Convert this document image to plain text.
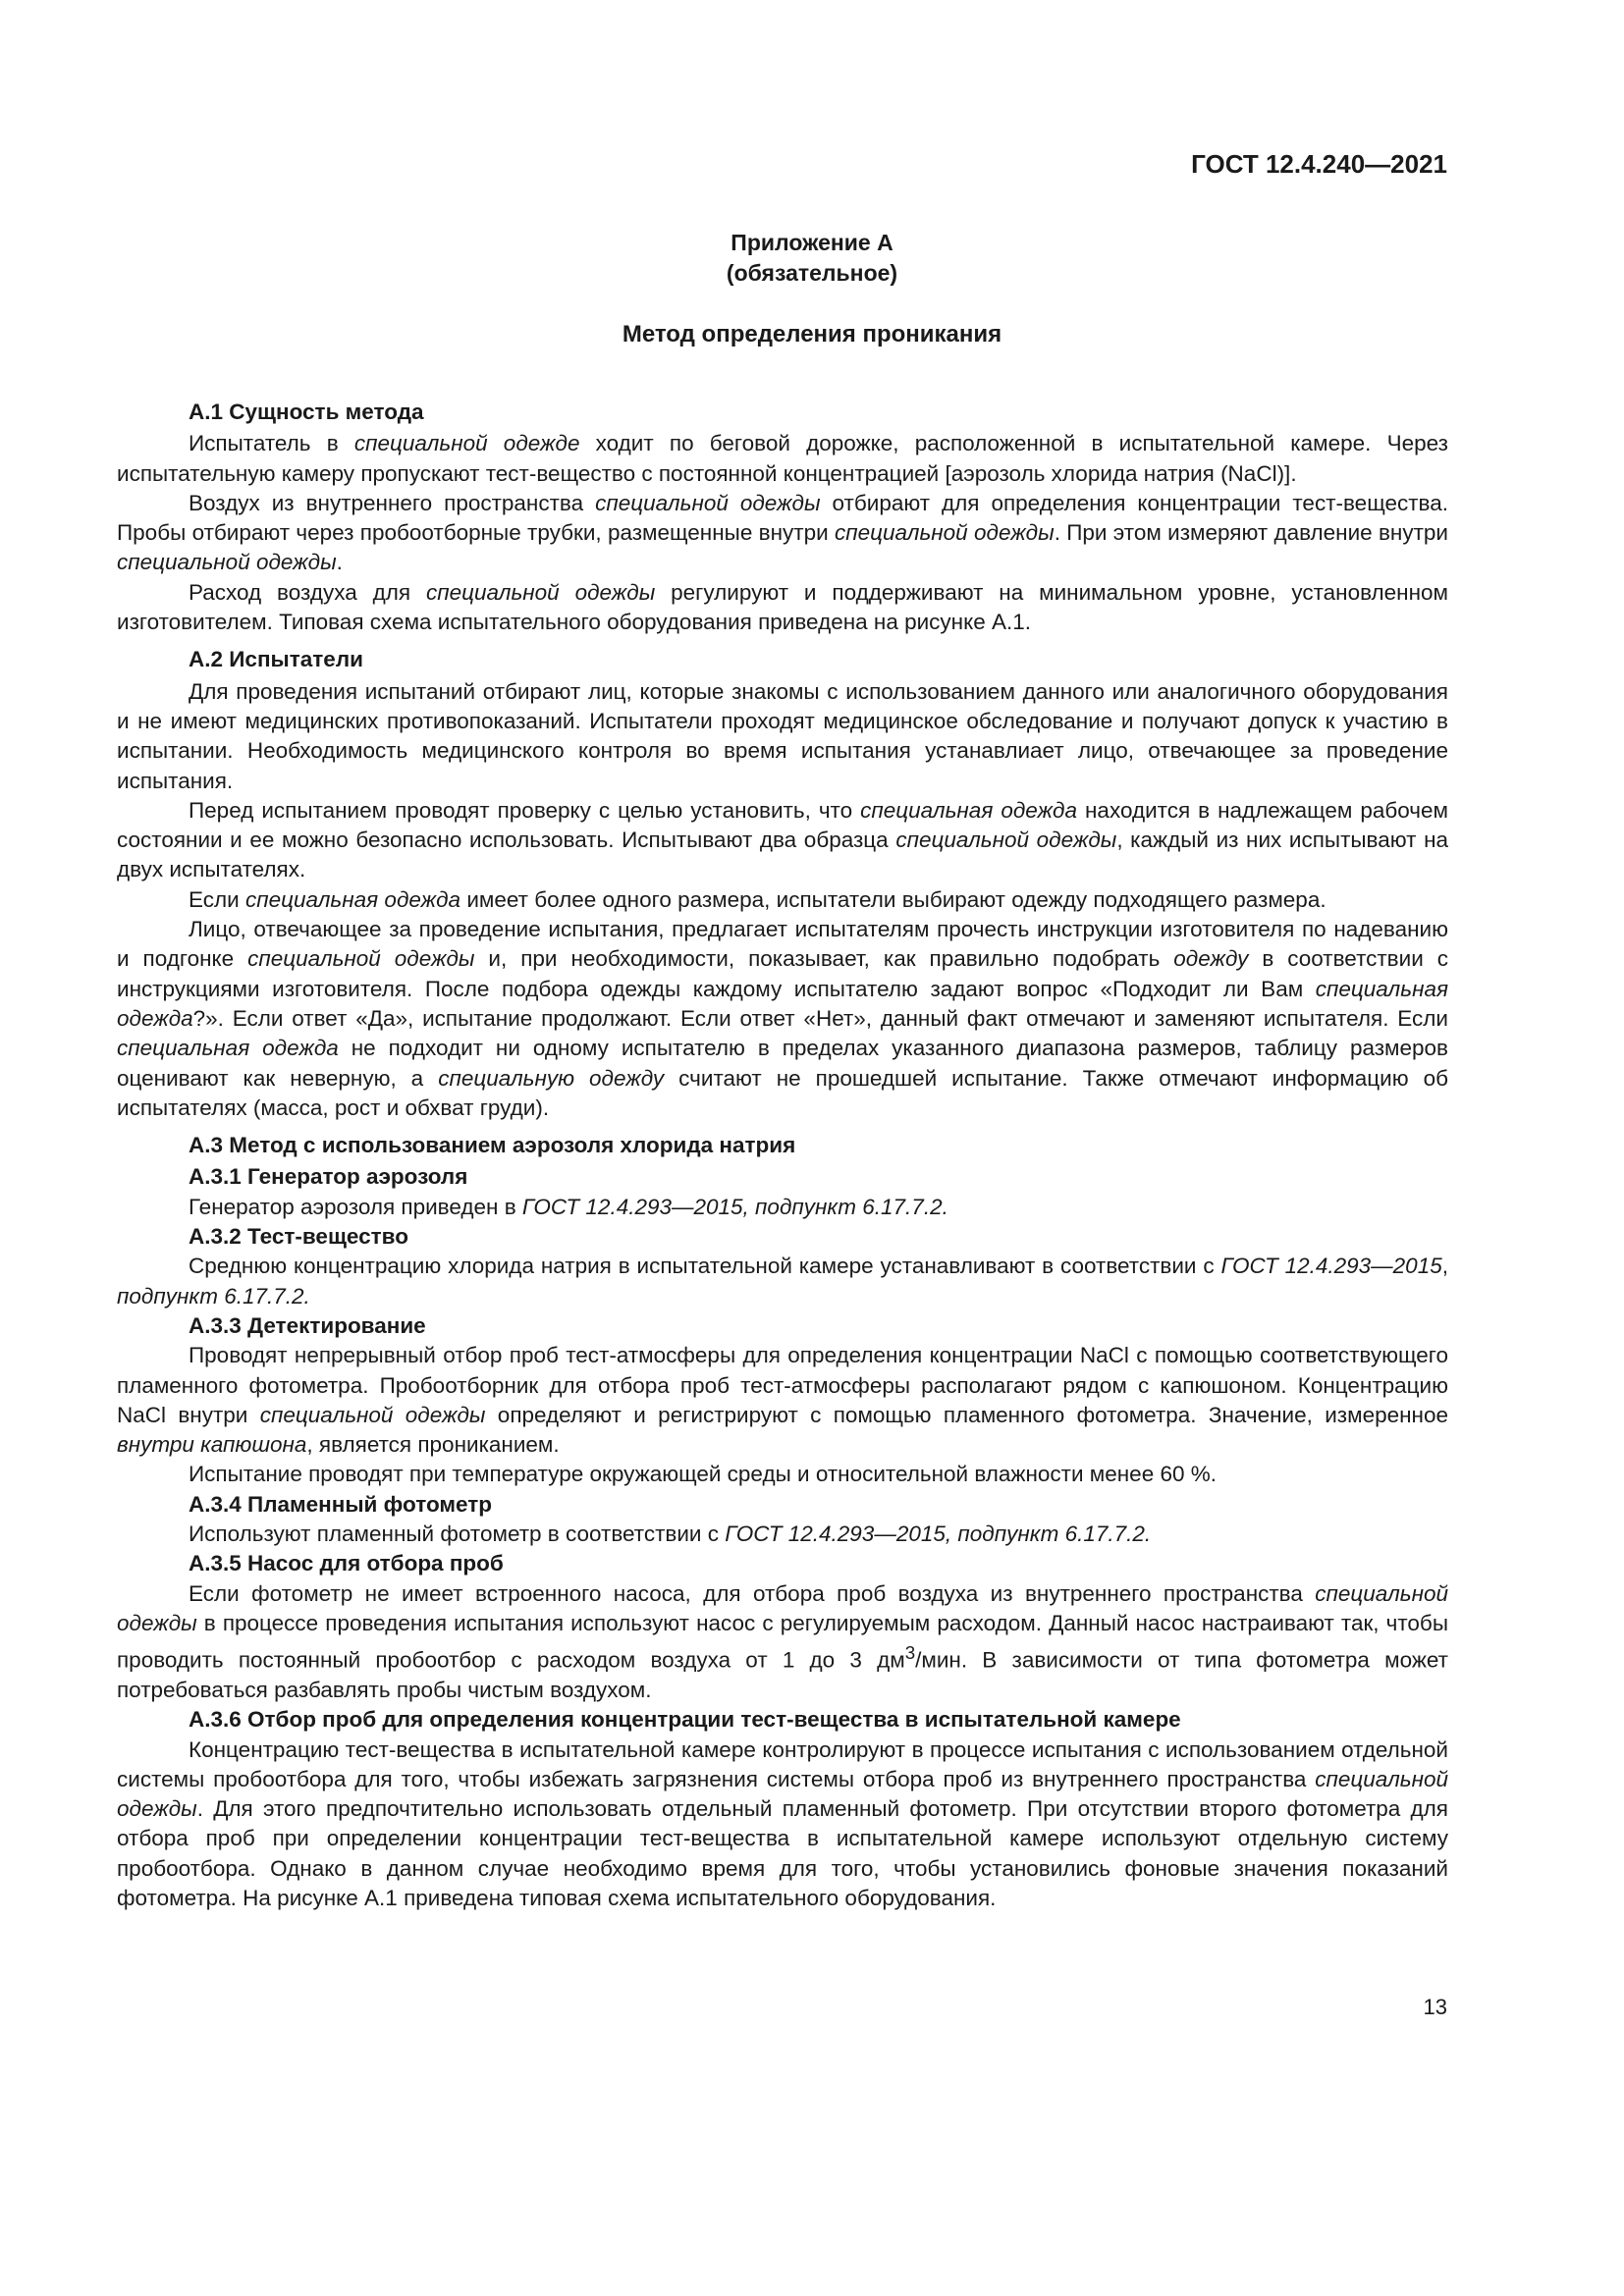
ГОСТ 12.4.240—2021
Приложение А
(обязательное)
Метод определения проникания
А.1 Сущность метода

Испытатель в специальной одежде ходит по беговой дорожке, расположенной в испытательной камере. Через испытательную камеру пропускают тест-вещество с постоянной концентрацией [аэрозоль хлорида натрия (NaCl)].

Воздух из внутреннего пространства специальной одежды отбирают для определения концентрации тест-вещества. Пробы отбирают через пробоотборные трубки, размещенные внутри специальной одежды. При этом измеряют давление внутри специальной одежды.

Расход воздуха для специальной одежды регулируют и поддерживают на минимальном уровне, установленном изготовителем. Типовая схема испытательного оборудования приведена на рисунке А.1.

А.2 Испытатели

Для проведения испытаний отбирают лиц, которые знакомы с использованием данного или аналогичного оборудования и не имеют медицинских противопоказаний. Испытатели проходят медицинское обследование и получают допуск к участию в испытании. Необходимость медицинского контроля во время испытания устанавлиает лицо, отвечающее за проведение испытания.

Перед испытанием проводят проверку с целью установить, что специальная одежда находится в надлежащем рабочем состоянии и ее можно безопасно использовать. Испытывают два образца специальной одежды, каждый из них испытывают на двух испытателях.

Если специальная одежда имеет более одного размера, испытатели выбирают одежду подходящего размера.

Лицо, отвечающее за проведение испытания, предлагает испытателям прочесть инструкции изготовителя по надеванию и подгонке специальной одежды и, при необходимости, показывает, как правильно подобрать одежду в соответствии с инструкциями изготовителя. После подбора одежды каждому испытателю задают вопрос «Подходит ли Вам специальная одежда?». Если ответ «Да», испытание продолжают. Если ответ «Нет», данный факт отмечают и заменяют испытателя. Если специальная одежда не подходит ни одному испытателю в пределах указанного диапазона размеров, таблицу размеров оценивают как неверную, а специальную одежду считают не прошедшей испытание. Также отмечают информацию об испытателях (масса, рост и обхват груди).

А.3 Метод с использованием аэрозоля хлорида натрия
А.3.1 Генератор аэрозоля

Генератор аэрозоля приведен в ГОСТ 12.4.293—2015, подпункт 6.17.7.2.

А.3.2 Тест-вещество

Среднюю концентрацию хлорида натрия в испытательной камере устанавливают в соответствии с ГОСТ 12.4.293—2015, подпункт 6.17.7.2.

А.3.3 Детектирование

Проводят непрерывный отбор проб тест-атмосферы для определения концентрации NaCl с помощью соответствующего пламенного фотометра. Пробоотборник для отбора проб тест-атмосферы располагают рядом с капюшоном. Концентрацию NaCl внутри специальной одежды определяют и регистрируют с помощью пламенного фотометра. Значение, измеренное внутри капюшона, является прониканием.

Испытание проводят при температуре окружающей среды и относительной влажности менее 60 %.

А.3.4 Пламенный фотометр

Используют пламенный фотометр в соответствии с ГОСТ 12.4.293—2015, подпункт 6.17.7.2.

А.3.5 Насос для отбора проб

Если фотометр не имеет встроенного насоса, для отбора проб воздуха из внутреннего пространства специальной одежды в процессе проведения испытания используют насос с регулируемым расходом. Данный насос настраивают так, чтобы проводить постоянный пробоотбор с расходом воздуха от 1 до 3 $дм^3$/мин. В зависимости от типа фотометра может потребоваться разбавлять пробы чистым воздухом.

А.3.6 Отбор проб для определения концентрации тест-вещества в испытательной камере

Концентрацию тест-вещества в испытательной камере контролируют в процессе испытания с использованием отдельной системы пробоотбора для того, чтобы избежать загрязнения системы отбора проб из внутреннего пространства специальной одежды. Для этого предпочтительно использовать отдельный пламенный фотометр. При отсутствии второго фотометра для отбора проб при определении концентрации тест-вещества в испытательной камере используют отдельную систему пробоотбора. Однако в данном случае необходимо время для того, чтобы установились фоновые значения показаний фотометра. На рисунке А.1 приведена типовая схема испытательного оборудования.

13
